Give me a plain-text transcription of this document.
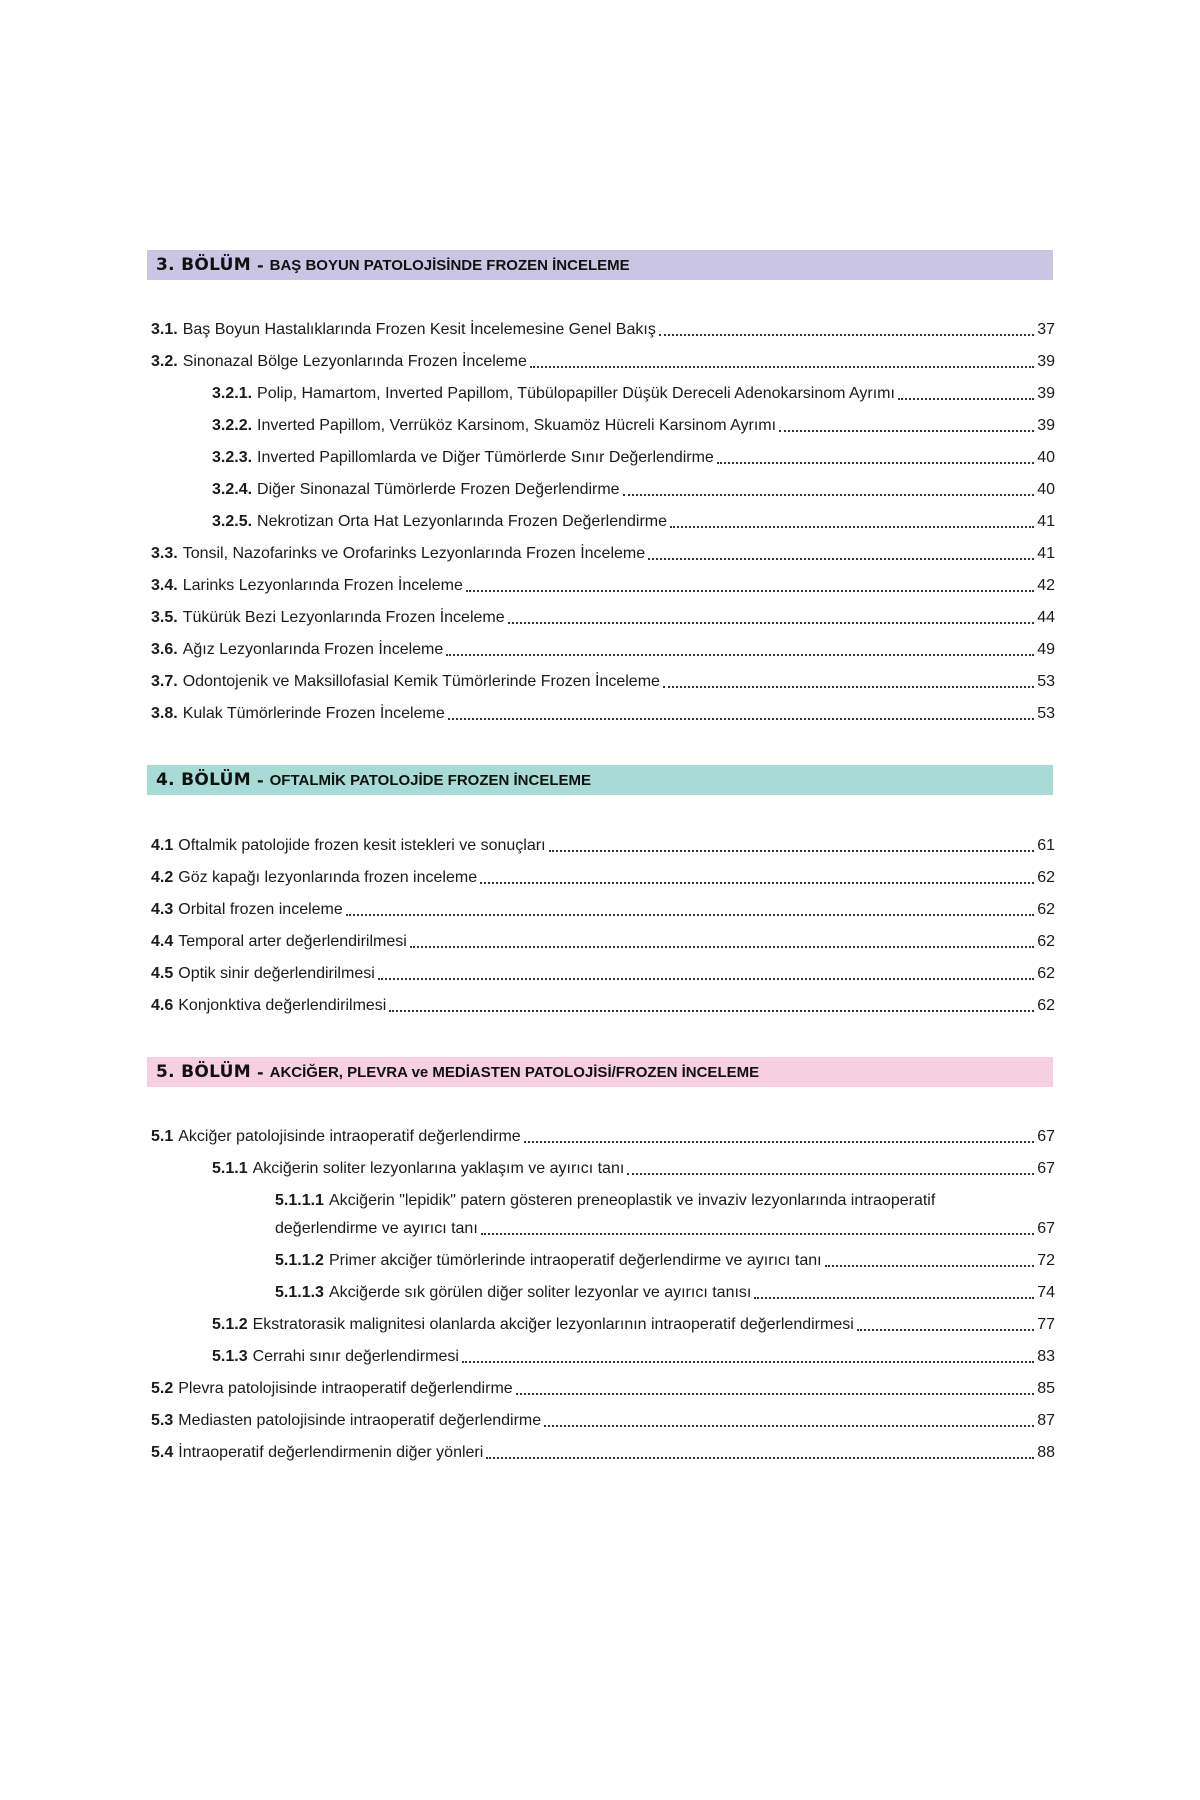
3. BÖLÜM - BAŞ BOYUN PATOLOJİSİNDE FROZEN İNCELEME
3.1. Baş Boyun Hastalıklarında Frozen Kesit İncelemesine Genel Bakış	37
3.2. Sinonazal Bölge Lezyonlarında Frozen İnceleme	39
3.2.1. Polip, Hamartom, Inverted Papillom, Tübülopapiller Düşük Dereceli Adenokarsinom Ayrımı	39
3.2.2. Inverted Papillom, Verrüköz Karsinom, Skuamöz Hücreli Karsinom Ayrımı	39
3.2.3. Inverted Papillomlarda ve Diğer Tümörlerde Sınır Değerlendirme	40
3.2.4. Diğer Sinonazal Tümörlerde Frozen Değerlendirme	40
3.2.5. Nekrotizan Orta Hat Lezyonlarında Frozen Değerlendirme	41
3.3. Tonsil, Nazofarinks ve Orofarinks Lezyonlarında Frozen İnceleme	41
3.4. Larinks Lezyonlarında Frozen İnceleme	42
3.5. Tükürük Bezi Lezyonlarında Frozen İnceleme	44
3.6. Ağız Lezyonlarında Frozen İnceleme	49
3.7. Odontojenik ve Maksillofasial Kemik Tümörlerinde Frozen İnceleme	53
3.8. Kulak Tümörlerinde Frozen İnceleme	53
4. BÖLÜM - OFTALMİK PATOLOJİDE FROZEN İNCELEME
4.1 Oftalmik patolojide frozen kesit istekleri ve sonuçları	61
4.2 Göz kapağı lezyonlarında frozen inceleme	62
4.3 Orbital frozen inceleme	62
4.4 Temporal arter değerlendirilmesi	62
4.5 Optik sinir değerlendirilmesi	62
4.6 Konjonktiva değerlendirilmesi	62
5. BÖLÜM - AKCİĞER, PLEVRA ve MEDİASTEN PATOLOJİSİ/FROZEN İNCELEME
5.1 Akciğer patolojisinde intraoperatif değerlendirme	67
5.1.1 Akciğerin soliter lezyonlarına yaklaşım ve ayırıcı tanı	67
5.1.1.1 Akciğerin "lepidik" patern gösteren preneoplastik ve invaziv lezyonlarında intraoperatif
değerlendirme ve ayırıcı tanı	67
5.1.1.2 Primer akciğer tümörlerinde intraoperatif değerlendirme ve ayırıcı tanı	72
5.1.1.3 Akciğerde sık görülen diğer soliter lezyonlar ve ayırıcı tanısı	74
5.1.2 Ekstratorasik malignitesi olanlarda akciğer lezyonlarının intraoperatif değerlendirmesi	77
5.1.3 Cerrahi sınır değerlendirmesi	83
5.2 Plevra patolojisinde intraoperatif değerlendirme	85
5.3 Mediasten patolojisinde intraoperatif değerlendirme	87
5.4 İntraoperatif değerlendirmenin diğer yönleri	88
